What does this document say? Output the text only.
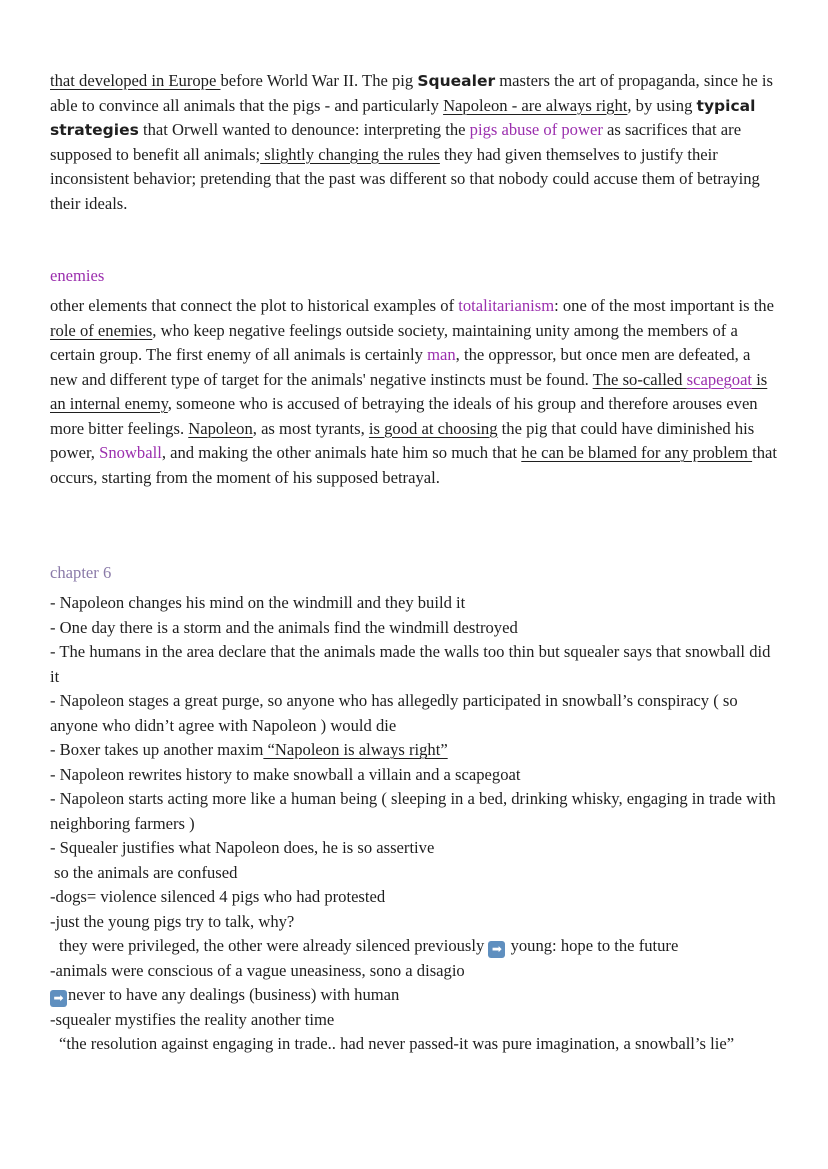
that developed in Europe before World War II. The pig Squealer masters the art of propaganda, since he is able to convince all animals that the pigs - and particularly Napoleon - are always right, by using typical strategies that Orwell wanted to denounce: interpreting the pigs abuse of power as sacrifices that are supposed to benefit all animals; slightly changing the rules they had given themselves to justify their inconsistent behavior; pretending that the past was different so that nobody could accuse them of betraying their ideals.

enemies

other elements that connect the plot to historical examples of totalitarianism: one of the most important is the role of enemies, who keep negative feelings outside society, maintaining unity among the members of a certain group. The first enemy of all animals is certainly man, the oppressor, but once men are defeated, a new and different type of target for the animals' negative instincts must be found. The so-called scapegoat is an internal enemy, someone who is accused of betraying the ideals of his group and therefore arouses even more bitter feelings. Napoleon, as most tyrants, is good at choosing the pig that could have diminished his power, Snowball, and making the other animals hate him so much that he can be blamed for any problem that occurs, starting from the moment of his supposed betrayal.

chapter 6

- Napoleon changes his mind on the windmill and they build it

- One day there is a storm and the animals find the windmill destroyed

- The humans in the area declare that the animals made the walls too thin but squealer says that snowball did it

- Napoleon stages a great purge, so anyone who has allegedly participated in snowball’s conspiracy ( so anyone who didn’t agree with Napoleon ) would die

- Boxer takes up another maxim “Napoleon is always right”

- Napoleon rewrites history to make snowball a villain and a scapegoat

- Napoleon starts acting more like a human being ( sleeping in a bed, drinking whisky, engaging in trade with neighboring farmers )

- Squealer justifies what Napoleon does, he is so assertive

so the animals are confused

-dogs= violence silenced 4 pigs who had protested

-just the young pigs try to talk, why?

they were privileged, the other were already silenced previously ➡ young: hope to the future

-animals were conscious of a vague uneasiness, sono a disagio

➡ never to have any dealings (business) with human

-squealer mystifies the reality another time

“the resolution against engaging in trade.. had never passed-it was pure imagination, a snowball’s lie”
